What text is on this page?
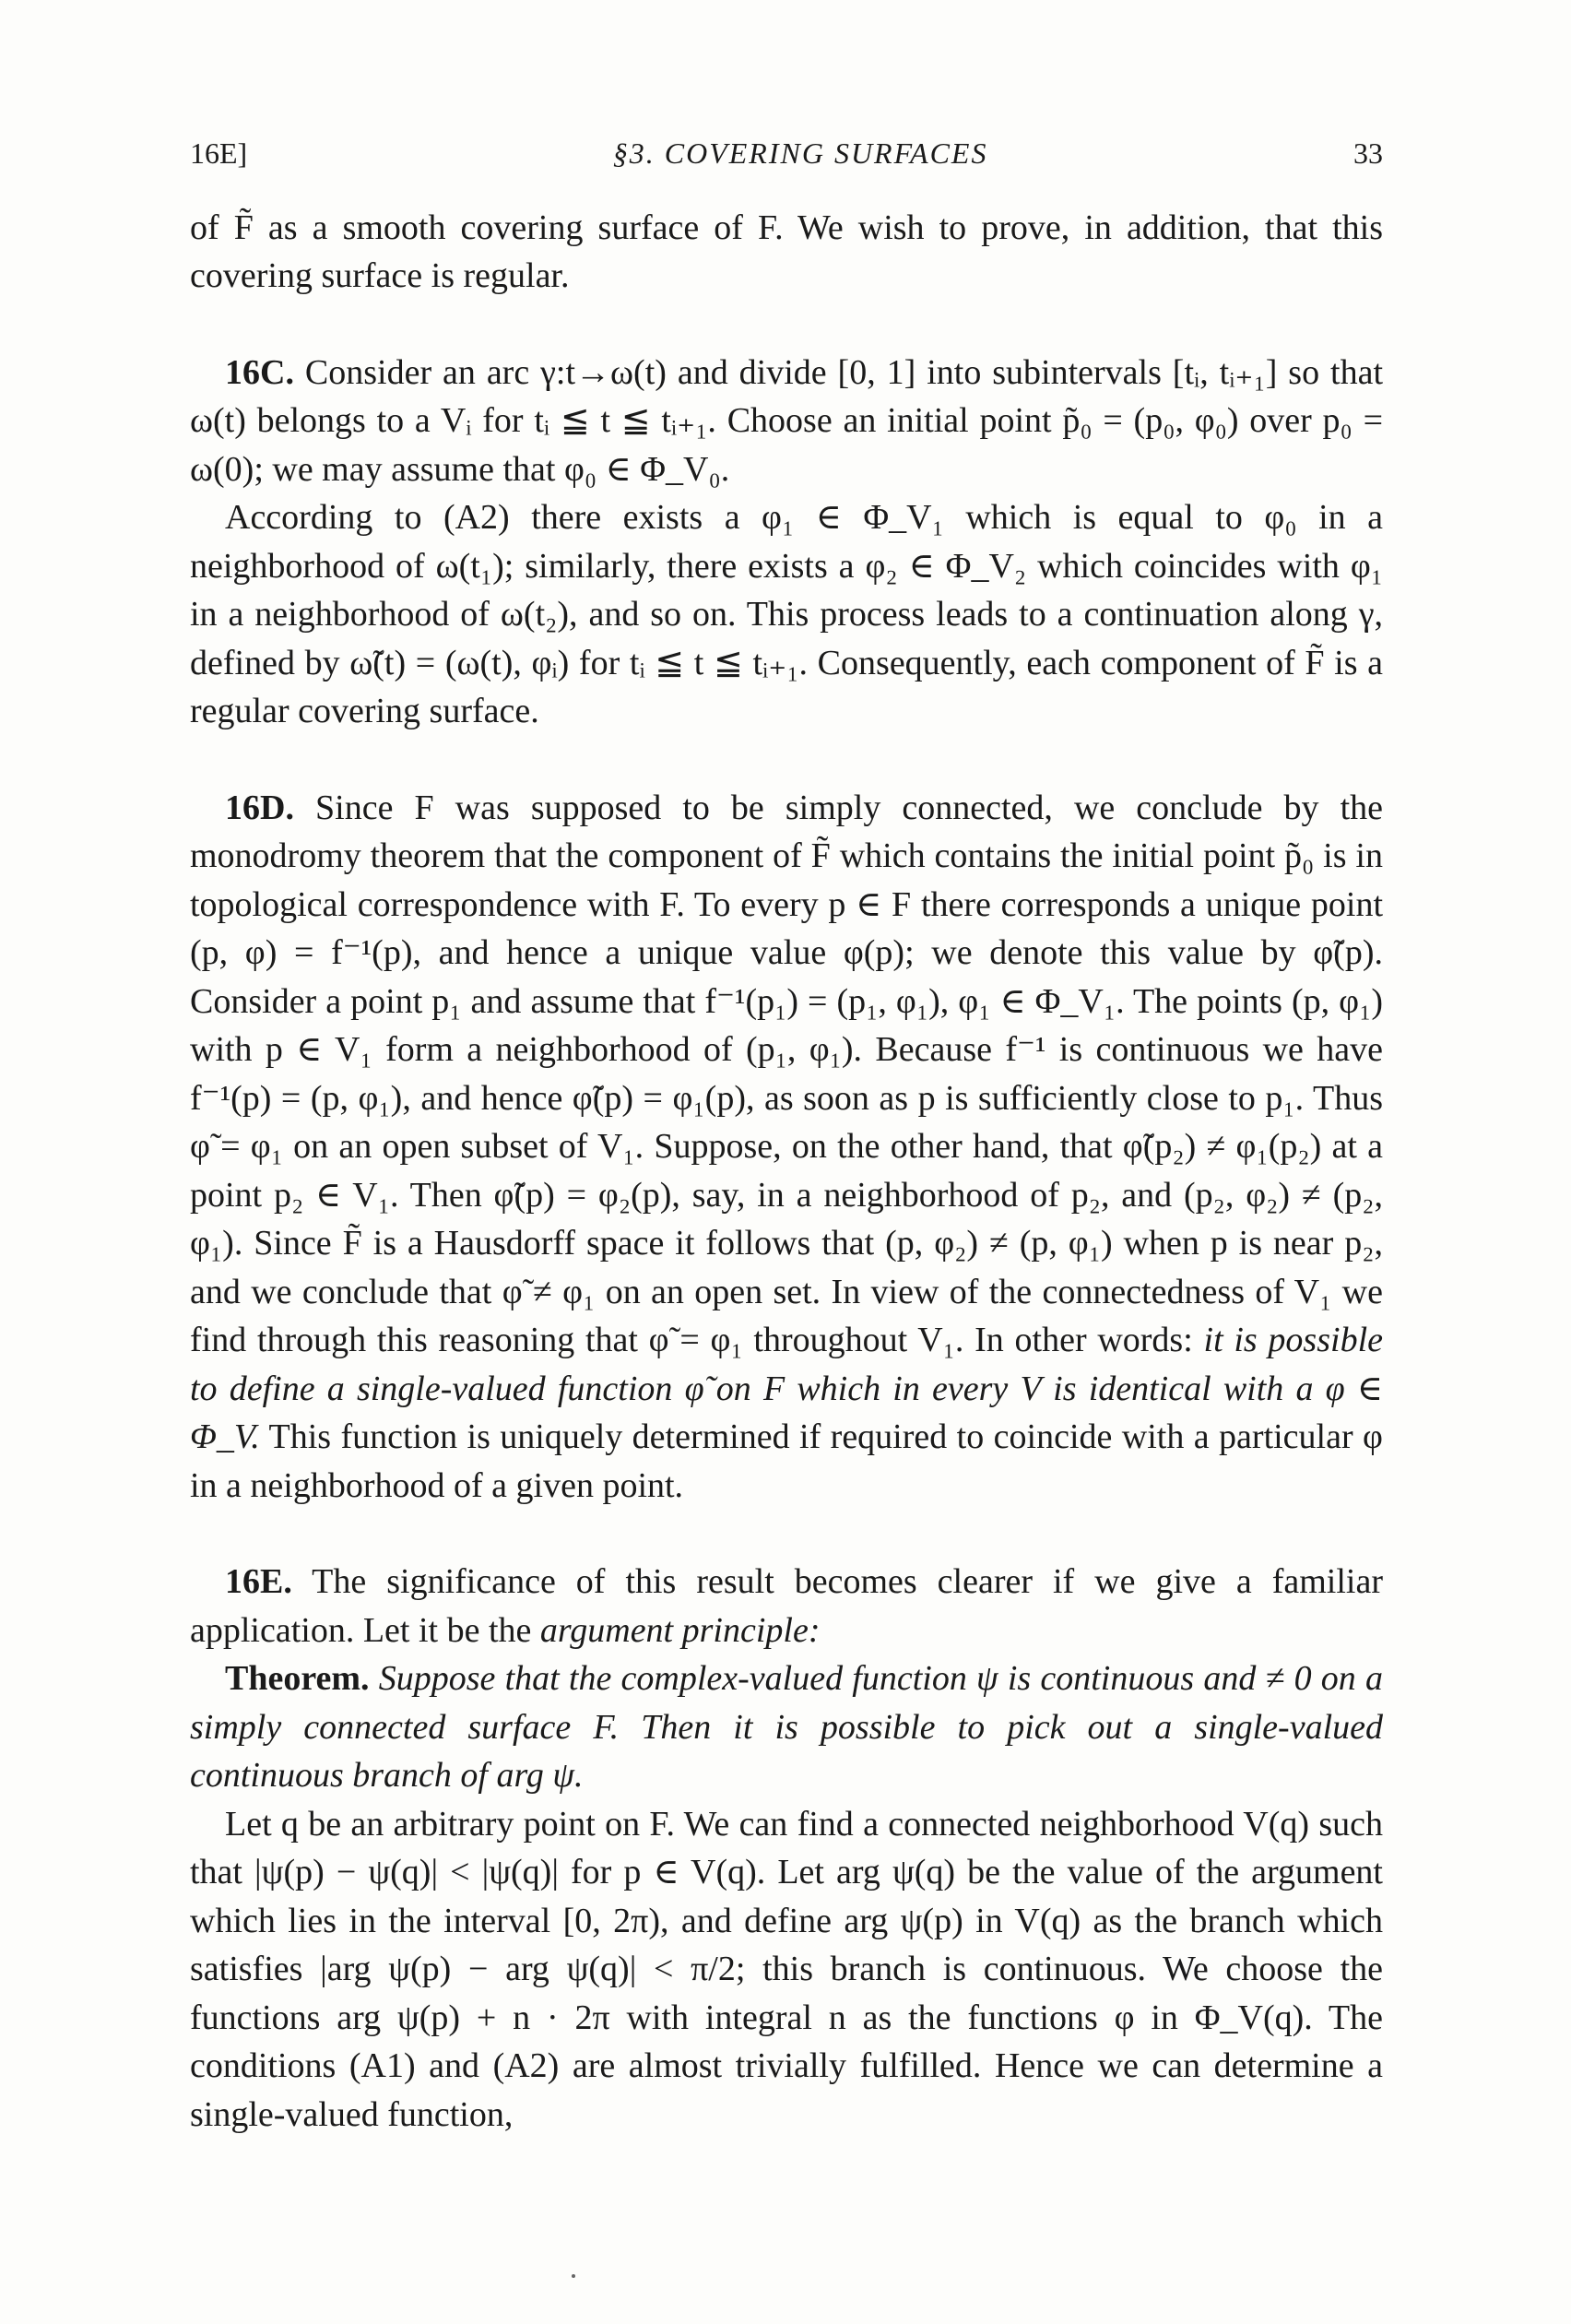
16E]	§3. COVERING SURFACES	33

of F̃ as a smooth covering surface of F. We wish to prove, in addition, that this covering surface is regular.

16C. Consider an arc γ:t→ω(t) and divide [0, 1] into subintervals [tᵢ, tᵢ₊₁] so that ω(t) belongs to a Vᵢ for tᵢ ≦ t ≦ tᵢ₊₁. Choose an initial point p̃₀ = (p₀, φ₀) over p₀ = ω(0); we may assume that φ₀ ∈ Φ_V₀.

According to (A2) there exists a φ₁ ∈ Φ_V₁ which is equal to φ₀ in a neighborhood of ω(t₁); similarly, there exists a φ₂ ∈ Φ_V₂ which coincides with φ₁ in a neighborhood of ω(t₂), and so on. This process leads to a continuation along γ, defined by ω̃(t) = (ω(t), φᵢ) for tᵢ ≦ t ≦ tᵢ₊₁. Consequently, each component of F̃ is a regular covering surface.

16D. Since F was supposed to be simply connected, we conclude by the monodromy theorem that the component of F̃ which contains the initial point p̃₀ is in topological correspondence with F. To every p ∈ F there corresponds a unique point (p, φ) = f⁻¹(p), and hence a unique value φ(p); we denote this value by φ̃(p). Consider a point p₁ and assume that f⁻¹(p₁) = (p₁, φ₁), φ₁ ∈ Φ_V₁. The points (p, φ₁) with p ∈ V₁ form a neighborhood of (p₁, φ₁). Because f⁻¹ is continuous we have f⁻¹(p) = (p, φ₁), and hence φ̃(p) = φ₁(p), as soon as p is sufficiently close to p₁. Thus φ̃ = φ₁ on an open subset of V₁. Suppose, on the other hand, that φ̃(p₂) ≠ φ₁(p₂) at a point p₂ ∈ V₁. Then φ̃(p) = φ₂(p), say, in a neighborhood of p₂, and (p₂, φ₂) ≠ (p₂, φ₁). Since F̃ is a Hausdorff space it follows that (p, φ₂) ≠ (p, φ₁) when p is near p₂, and we conclude that φ̃ ≠ φ₁ on an open set. In view of the connectedness of V₁ we find through this reasoning that φ̃ = φ₁ throughout V₁. In other words: it is possible to define a single-valued function φ̃ on F which in every V is identical with a φ ∈ Φ_V. This function is uniquely determined if required to coincide with a particular φ in a neighborhood of a given point.

16E. The significance of this result becomes clearer if we give a familiar application. Let it be the argument principle:

Theorem. Suppose that the complex-valued function ψ is continuous and ≠ 0 on a simply connected surface F. Then it is possible to pick out a single-valued continuous branch of arg ψ.

Let q be an arbitrary point on F. We can find a connected neighborhood V(q) such that |ψ(p) − ψ(q)| < |ψ(q)| for p ∈ V(q). Let arg ψ(q) be the value of the argument which lies in the interval [0, 2π), and define arg ψ(p) in V(q) as the branch which satisfies |arg ψ(p) − arg ψ(q)| < π/2; this branch is continuous. We choose the functions arg ψ(p) + n · 2π with integral n as the functions φ in Φ_V(q). The conditions (A1) and (A2) are almost trivially fulfilled. Hence we can determine a single-valued function,
